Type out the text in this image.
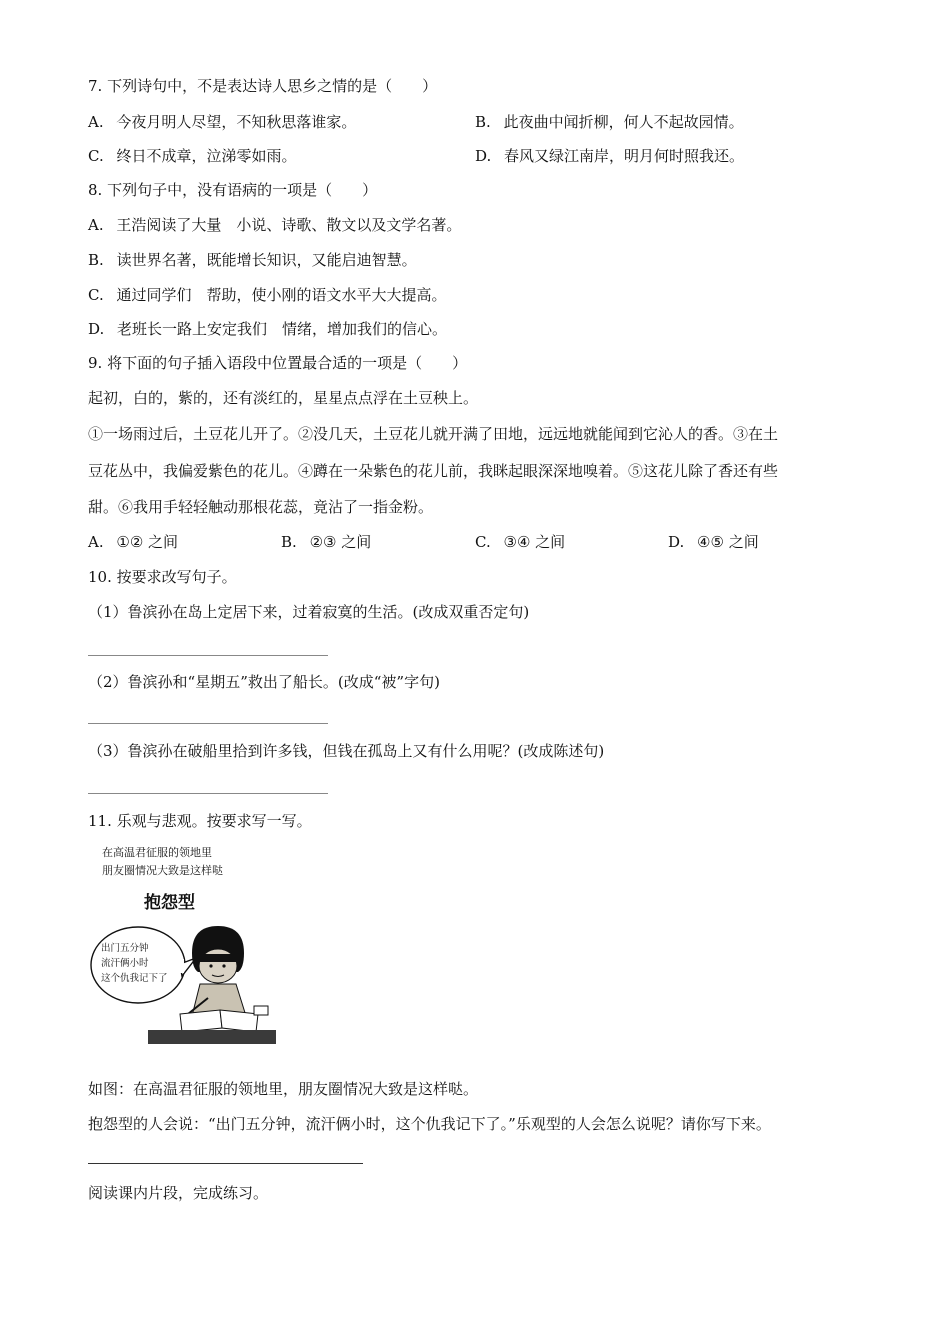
7. 下列诗句中，不是表达诗人思乡之情的是（　　）
A. 今夜月明人尽望，不知秋思落谁家。	B. 此夜曲中闻折柳，何人不起故园情。
C. 终日不成章，泣涕零如雨。	D. 春风又绿江南岸，明月何时照我还。
8. 下列句子中，没有语病的一项是（　　）
A. 王浩阅读了大量　小说、诗歌、散文以及文学名著。
B. 读世界名著，既能增长知识，又能启迪智慧。
C. 通过同学们　帮助，使小刚的语文水平大大提高。
D. 老班长一路上安定我们　情绪，增加我们的信心。
9. 将下面的句子插入语段中位置最合适的一项是（　　）
起初，白的，紫的，还有淡红的，星星点点浮在土豆秧上。
①一场雨过后，土豆花儿开了。②没几天，土豆花儿就开满了田地，远远地就能闻到它沁人的香。③在土
豆花丛中，我偏爱紫色的花儿。④蹲在一朵紫色的花儿前，我眯起眼深深地嗅着。⑤这花儿除了香还有些
甜。⑥我用手轻轻触动那根花蕊，竟沾了一指金粉。
A. ①② 之间	B. ②③ 之间	C. ③④ 之间	D. ④⑤ 之间
10. 按要求改写句子。
（1）鲁滨孙在岛上定居下来，过着寂寞的生活。(改成双重否定句)
（2）鲁滨孙和“星期五”救出了船长。(改成“被”字句)
（3）鲁滨孙在破船里拾到许多钱，但钱在孤岛上又有什么用呢？(改成陈述句)
11. 乐观与悲观。按要求写一写。
在高温君征服的领地里
朋友圈情况大致是这样哒
抱怨型
出门五分钟
流汗俩小时
这个仇我记下了
如图：在高温君征服的领地里，朋友圈情况大致是这样哒。
抱怨型的人会说：“出门五分钟，流汗俩小时，这个仇我记下了。”乐观型的人会怎么说呢？请你写下来。
阅读课内片段，完成练习。
